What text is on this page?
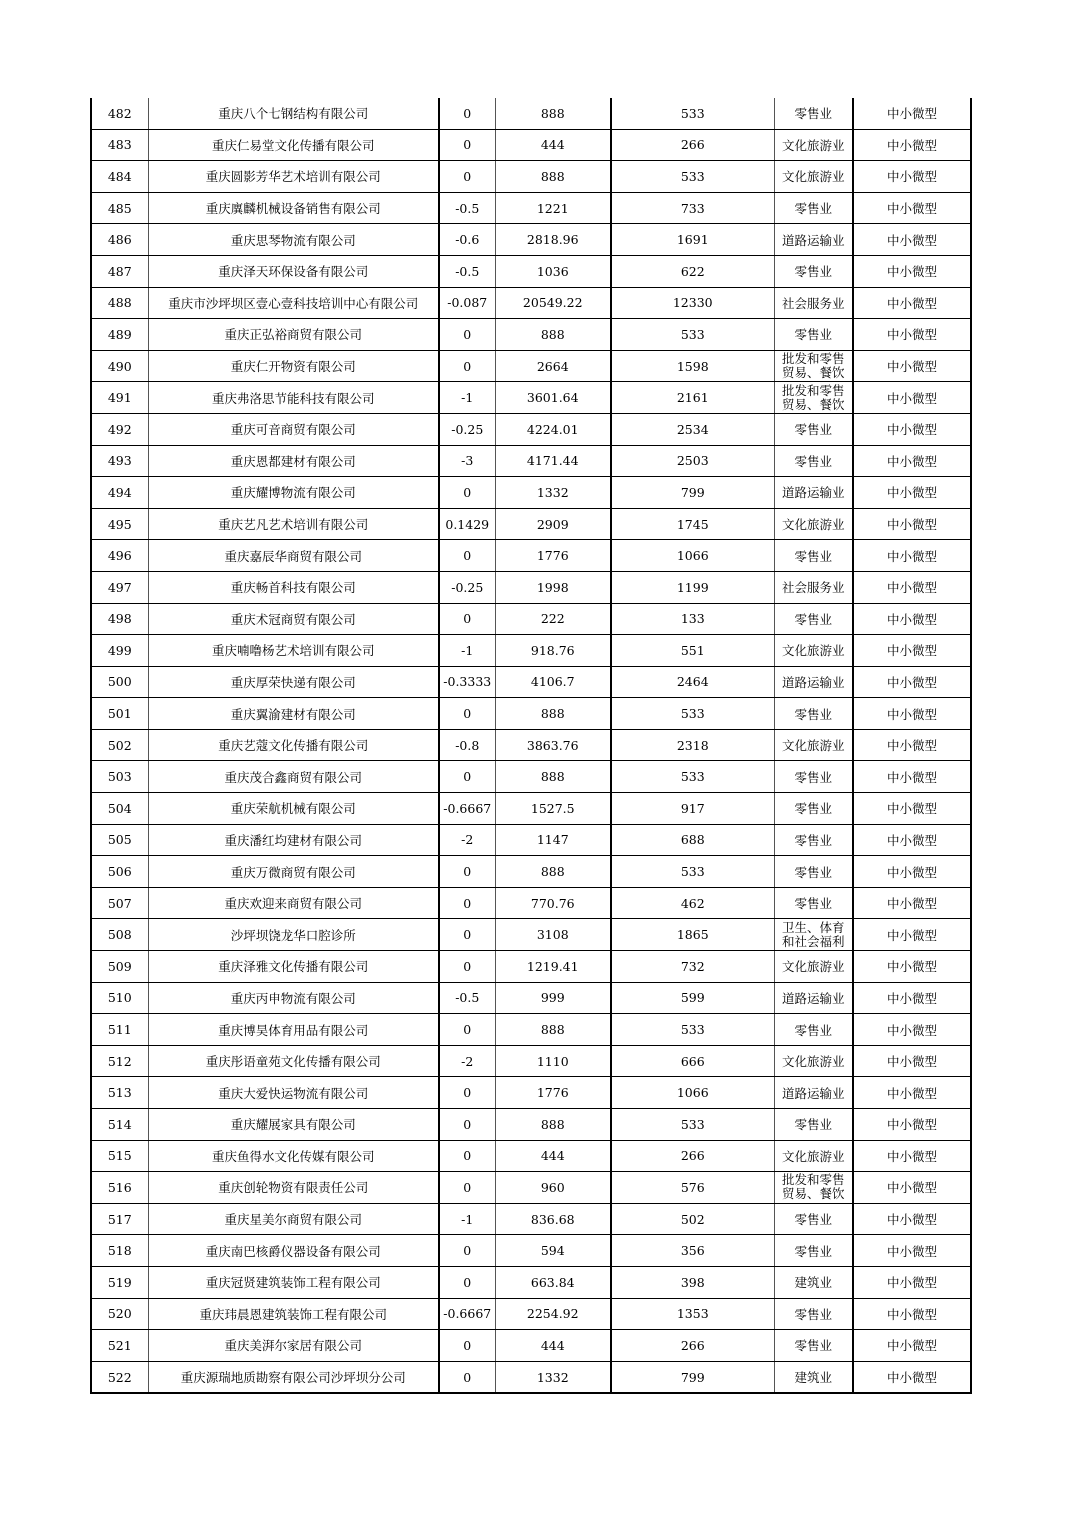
482	重庆八个七钢结构有限公司	0	888	533	零售业	中小微型
483	重庆仁易堂文化传播有限公司	0	444	266	文化旅游业	中小微型
484	重庆圆影芳华艺术培训有限公司	0	888	533	文化旅游业	中小微型
485	重庆廙麟机械设备销售有限公司	-0.5	1221	733	零售业	中小微型
486	重庆思琴物流有限公司	-0.6	2818.96	1691	道路运输业	中小微型
487	重庆泽天环保设备有限公司	-0.5	1036	622	零售业	中小微型
488	重庆市沙坪坝区壹心壹科技培训中心有限公司	-0.087	20549.22	12330	社会服务业	中小微型
489	重庆正弘裕商贸有限公司	0	888	533	零售业	中小微型
490	重庆仁开物资有限公司	0	2664	1598	批发和零售贸易、餐饮	中小微型
491	重庆弗洛思节能科技有限公司	-1	3601.64	2161	批发和零售贸易、餐饮	中小微型
492	重庆可音商贸有限公司	-0.25	4224.01	2534	零售业	中小微型
493	重庆恩都建材有限公司	-3	4171.44	2503	零售业	中小微型
494	重庆耀博物流有限公司	0	1332	799	道路运输业	中小微型
495	重庆艺凡艺术培训有限公司	0.1429	2909	1745	文化旅游业	中小微型
496	重庆嘉辰华商贸有限公司	0	1776	1066	零售业	中小微型
497	重庆畅首科技有限公司	-0.25	1998	1199	社会服务业	中小微型
498	重庆术冠商贸有限公司	0	222	133	零售业	中小微型
499	重庆喃噜杨艺术培训有限公司	-1	918.76	551	文化旅游业	中小微型
500	重庆厚荣快递有限公司	-0.3333	4106.7	2464	道路运输业	中小微型
501	重庆翼渝建材有限公司	0	888	533	零售业	中小微型
502	重庆艺蔻文化传播有限公司	-0.8	3863.76	2318	文化旅游业	中小微型
503	重庆茂合鑫商贸有限公司	0	888	533	零售业	中小微型
504	重庆荣航机械有限公司	-0.6667	1527.5	917	零售业	中小微型
505	重庆潘红均建材有限公司	-2	1147	688	零售业	中小微型
506	重庆万微商贸有限公司	0	888	533	零售业	中小微型
507	重庆欢迎来商贸有限公司	0	770.76	462	零售业	中小微型
508	沙坪坝饶龙华口腔诊所	0	3108	1865	卫生、体育和社会福利	中小微型
509	重庆泽雅文化传播有限公司	0	1219.41	732	文化旅游业	中小微型
510	重庆丙申物流有限公司	-0.5	999	599	道路运输业	中小微型
511	重庆博昊体育用品有限公司	0	888	533	零售业	中小微型
512	重庆彤语童苑文化传播有限公司	-2	1110	666	文化旅游业	中小微型
513	重庆大爱快运物流有限公司	0	1776	1066	道路运输业	中小微型
514	重庆耀展家具有限公司	0	888	533	零售业	中小微型
515	重庆鱼得水文化传媒有限公司	0	444	266	文化旅游业	中小微型
516	重庆创轮物资有限责任公司	0	960	576	批发和零售贸易、餐饮	中小微型
517	重庆星美尔商贸有限公司	-1	836.68	502	零售业	中小微型
518	重庆南巴核爵仪器设备有限公司	0	594	356	零售业	中小微型
519	重庆冠贤建筑装饰工程有限公司	0	663.84	398	建筑业	中小微型
520	重庆玮晨恩建筑装饰工程有限公司	-0.6667	2254.92	1353	零售业	中小微型
521	重庆美湃尔家居有限公司	0	444	266	零售业	中小微型
522	重庆源瑞地质勘察有限公司沙坪坝分公司	0	1332	799	建筑业	中小微型
